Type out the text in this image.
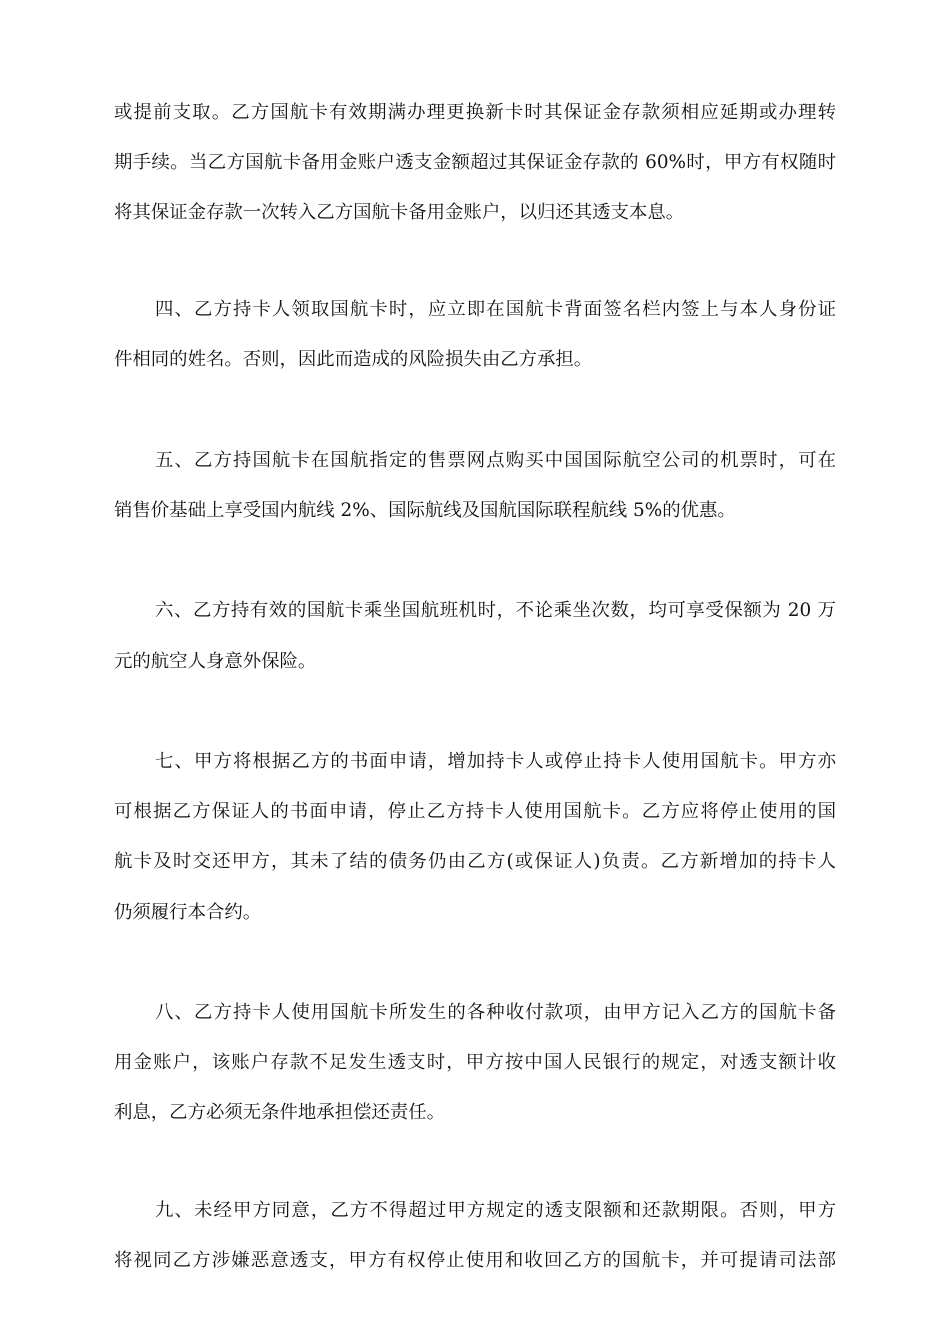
或提前支取。乙方国航卡有效期满办理更换新卡时其保证金存款须相应延期或办理转
期手续。当乙方国航卡备用金账户透支金额超过其保证金存款的 60%时，甲方有权随时
将其保证金存款一次转入乙方国航卡备用金账户，以归还其透支本息。
四、乙方持卡人领取国航卡时，应立即在国航卡背面签名栏内签上与本人身份证
件相同的姓名。否则，因此而造成的风险损失由乙方承担。
五、乙方持国航卡在国航指定的售票网点购买中国国际航空公司的机票时，可在
销售价基础上享受国内航线 2%、国际航线及国航国际联程航线 5%的优惠。
六、乙方持有效的国航卡乘坐国航班机时，不论乘坐次数，均可享受保额为 20 万
元的航空人身意外保险。
七、甲方将根据乙方的书面申请，增加持卡人或停止持卡人使用国航卡。甲方亦
可根据乙方保证人的书面申请，停止乙方持卡人使用国航卡。乙方应将停止使用的国
航卡及时交还甲方，其未了结的债务仍由乙方(或保证人)负责。乙方新增加的持卡人
仍须履行本合约。
八、乙方持卡人使用国航卡所发生的各种收付款项，由甲方记入乙方的国航卡备
用金账户，该账户存款不足发生透支时，甲方按中国人民银行的规定，对透支额计收
利息，乙方必须无条件地承担偿还责任。
九、未经甲方同意，乙方不得超过甲方规定的透支限额和还款期限。否则，甲方
将视同乙方涉嫌恶意透支，甲方有权停止使用和收回乙方的国航卡，并可提请司法部
